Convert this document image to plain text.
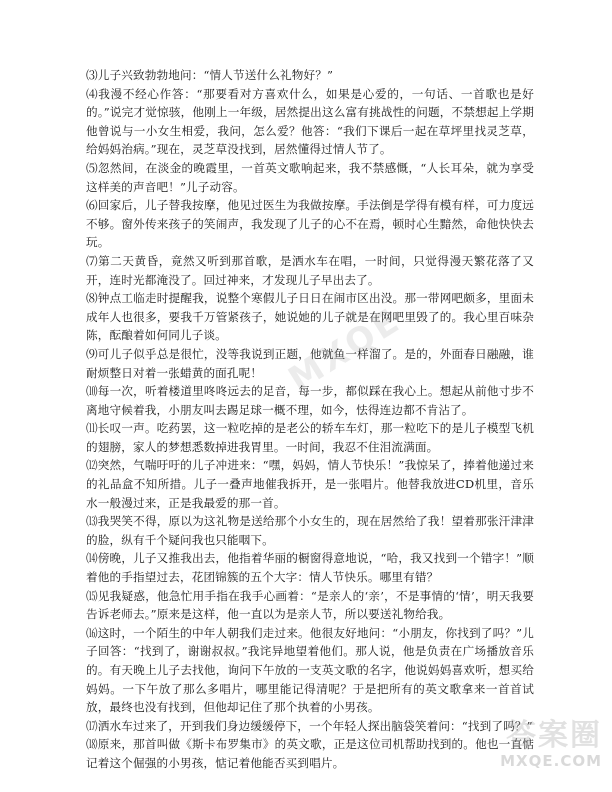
⑶儿子兴致勃勃地问：“情人节送什么礼物好？”

⑷我漫不经心作答：“那要看对方喜欢什么，如果是心爱的，一句话、一首歌也是好的。”说完才觉惊骇，他刚上一年级，居然提出这么富有挑战性的问题，不禁想起上学期他曾说与一小女生相爱，我问，怎么爱？他答：“我们下课后一起在草坪里找灵芝草，给妈妈治病。”现在，灵芝草没找到，居然懂得过情人节了。

⑸忽然间，在淡金的晚霞里，一首英文歌响起来，我不禁感慨，“人长耳朵，就为享受这样美的声音吧！”儿子动容。

⑹回家后，儿子替我按摩，他见过医生为我做按摩。手法倒是学得有模有样，可力度远不够。窗外传来孩子的笑闹声，我发现了儿子的心不在焉，顿时心生黯然，命他快快去玩。

⑺第二天黄昏，竟然又听到那首歌，是洒水车在唱，一时间，只觉得漫天繁花落了又开，连时光都淹没了。回过神来，才发现儿子早出去了。

⑻钟点工临走时提醒我，说整个寒假儿子日日在闹市区出没。那一带网吧颇多，里面未成年人也很多，要我千万管紧孩子，她说她的儿子就是在网吧里毁了的。我心里百味杂陈，酝酿着如何同儿子谈。

⑼可儿子似乎总是很忙，没等我说到正题，他就鱼一样溜了。是的，外面春日融融，谁耐烦整日对着一张蜡黄的面孔呢！

⑽每一次，听着楼道里咚咚远去的足音，每一步，都似踩在我心上。想起从前他寸步不离地守候着我，小朋友叫去踢足球一概不理，如今，怯得连边都不肯沾了。

⑾长叹一声。吃药罢，这一粒吃掉的是老公的轿车车灯，那一粒吃下的是儿子模型飞机的翅膀，家人的梦想悉数掉进我胃里。一时间，我忍不住泪流满面。

⑿突然，气喘吁吁的儿子冲进来：“嘿，妈妈，情人节快乐！”我惊呆了，捧着他递过来的礼品盒不知所措。儿子一叠声地催我拆开，是一张唱片。他替我放进CD机里，音乐水一般漫过来，正是我最爱的那一首。

⒀我哭笑不得，原以为这礼物是送给那个小女生的，现在居然给了我！望着那张汗津津的脸，纵有千个疑问我也只能咽下。

⒁傍晚，儿子又推我出去，他指着华丽的橱窗得意地说，“哈，我又找到一个错字！”顺着他的手指望过去，花团锦簇的五个大字：情人节快乐。哪里有错？

⒂见我疑惑，他急忙用手指在我手心画着：“是亲人的‘亲’，不是事情的‘情’，明天我要告诉老师去。”原来是这样，他一直以为是亲人节，所以要送礼物给我。

⒃这时，一个陌生的中年人朝我们走过来。他很友好地问：“小朋友，你找到了吗？”儿子回答：“找到了，谢谢叔叔。”我诧异地望着他们。那人说，他是负责在广场播放音乐的。有天晚上儿子去找他，询问下午放的一支英文歌的名字，他说妈妈喜欢听，想买给妈妈。一下午放了那么多唱片，哪里能记得清呢？于是把所有的英文歌拿来一首首试放，最终也没有找到，但他却记住了那个执着的小男孩。

⒄洒水车过来了，开到我们身边缓缓停下，一个年轻人探出脑袋笑着问：“找到了吗？”

⒅原来，那首叫做《斯卡布罗集市》的英文歌，正是这位司机帮助找到的。他也一直惦记着这个倔强的小男孩，惦记着他能否买到唱片。

MXQE
答案圈
MXQE.COM
